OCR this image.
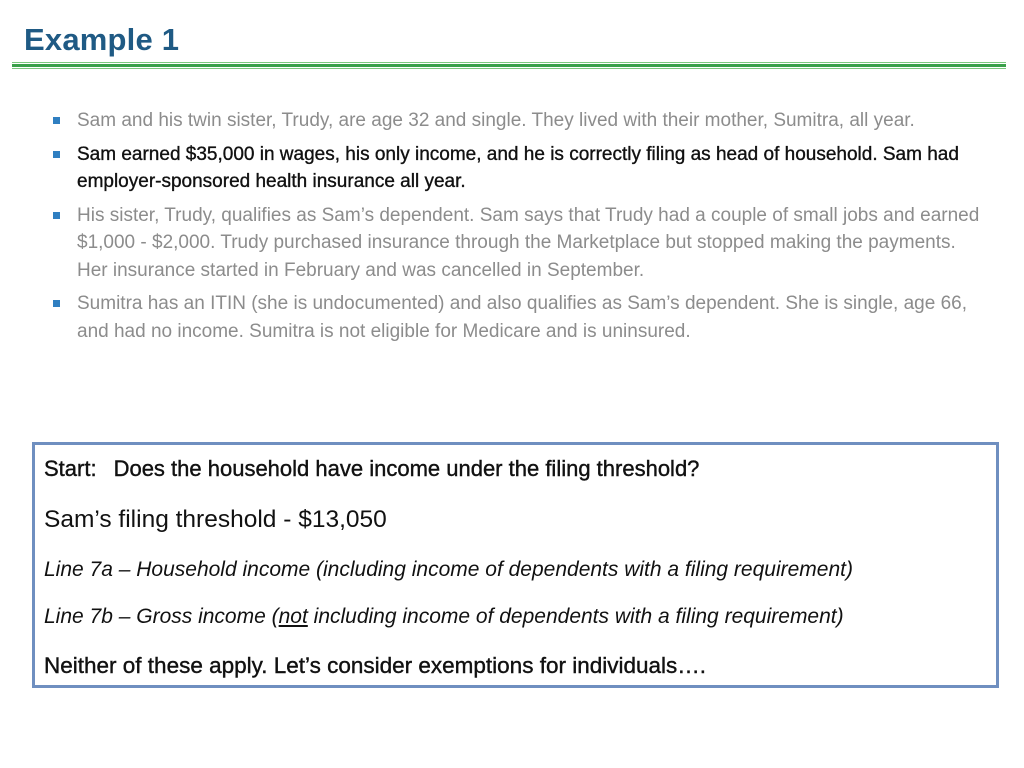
Example 1
Sam and his twin sister, Trudy, are age 32 and single. They lived with their mother, Sumitra, all year.
Sam earned $35,000 in wages, his only income, and he is correctly filing as head of household. Sam had employer-sponsored health insurance all year.
His sister, Trudy, qualifies as Sam’s dependent. Sam says that Trudy had a couple of small jobs and earned $1,000 - $2,000. Trudy purchased insurance through the Marketplace but stopped making the payments. Her insurance started in February and was cancelled in September.
Sumitra has an ITIN (she is undocumented) and also qualifies as Sam’s dependent. She is single, age 66, and had no income. Sumitra is not eligible for Medicare and is uninsured.

Start: Does the household have income under the filing threshold?

Sam’s filing threshold - $13,050

Line 7a – Household income (including income of dependents with a filing requirement)

Line 7b – Gross income (not including income of dependents with a filing requirement)

Neither of these apply. Let’s consider exemptions for individuals….
